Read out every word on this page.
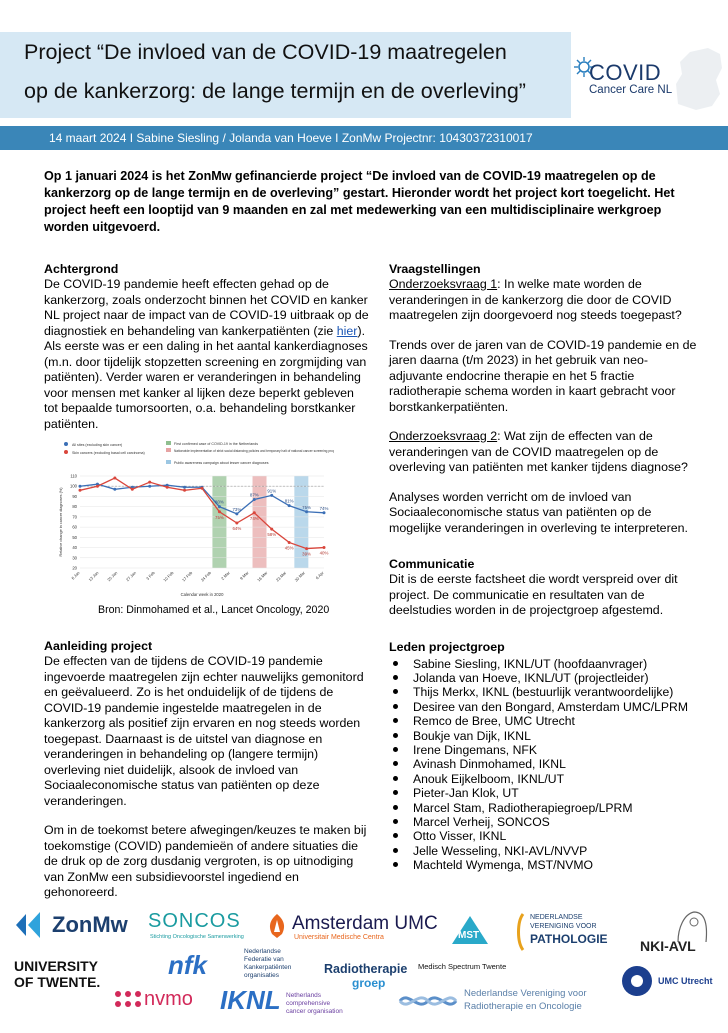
Project “De invloed van de COVID-19 maatregelen
op de kankerzorg: de lange termijn en de overleving”
COVID
Cancer Care NL
14 maart 2024 I Sabine Siesling / Jolanda van Hoeve I ZonMw Projectnr: 10430372310017
Op 1 januari 2024 is het ZonMw gefinancierde project “De invloed van de COVID-19 maatregelen op de kankerzorg op de lange termijn en de overleving” gestart. Hieronder wordt het project kort toegelicht. Het project heeft een looptijd van 9 maanden en zal met medewerking van een multidisciplinaire werkgroep worden uitgevoerd.
Achtergrond
De COVID-19 pandemie heeft effecten gehad op de kankerzorg, zoals onderzocht binnen het COVID en kanker NL project naar de impact van de COVID-19 uitbraak op de diagnostiek en behandeling van kankerpatiënten (zie hier). Als eerste was er een daling in het aantal kankerdiagnoses (m.n. door tijdelijk stopzetten screening en zorgmijding van patiënten). Verder waren er veranderingen in behandeling voor mensen met kanker al lijken deze beperkt gebleven tot bepaalde tumorsoorten, o.a. behandeling borstkanker patiënten.
All sites (excluding skin cancer)
Skin cancers (excluding basal cell carcinoma)
First confirmed case of COVID-19 in the Netherlands
Nationwide implementation of strict social distancing policies and temporary halt of national cancer screening programmes
Public awareness campaign about lesser cancer diagnoses
20
30
40
50
60
70
80
90
100
110
6 Jan 13 Jan 20 Jan 27 Jan 3 Feb 10 Feb 17 Feb 24 Feb 2 Mar 9 Mar 16 Mar 23 Mar 30 Mar 6 Apr
Relative change in cancer diagnoses (%)
Calendar week in 2020
80%
73%
87%
91%
81%
75% 74%
75%
64%
74%
58%
45%
39% 40%
Bron: Dinmohamed et al., Lancet Oncology, 2020
Aanleiding project
De effecten van de tijdens de COVID-19 pandemie ingevoerde maatregelen zijn echter nauwelijks gemonitord en geëvalueerd. Zo is het onduidelijk of de tijdens de COVID-19 pandemie ingestelde maatregelen in de kankerzorg als positief zijn ervaren en nog steeds worden toegepast. Daarnaast is de uitstel van diagnose en veranderingen in behandeling op (langere termijn) overleving niet duidelijk, alsook de invloed van Sociaaleconomische status van patiënten op deze veranderingen.
Om in de toekomst betere afwegingen/keuzes te maken bij toekomstige (COVID) pandemieën of andere situaties die de druk op de zorg dusdanig vergroten, is op uitnodiging van ZonMw een subsidievoorstel ingediend en gehonoreerd.
Vraagstellingen
Onderzoeksvraag 1: In welke mate worden de veranderingen in de kankerzorg die door de COVID maatregelen zijn doorgevoerd nog steeds toegepast?
Trends over de jaren van de COVID-19 pandemie en de jaren daarna (t/m 2023) in het gebruik van neo-adjuvante endocrine therapie en het 5 fractie radiotherapie schema worden in kaart gebracht voor borstkankerpatiënten.
Onderzoeksvraag 2: Wat zijn de effecten van de veranderingen van de COVID maatregelen op de overleving van patiënten met kanker tijdens diagnose?
Analyses worden verricht om de invloed van Sociaaleconomische status van patiënten op de mogelijke veranderingen in overleving te interpreteren.
Communicatie
Dit is de eerste factsheet die wordt verspreid over dit project. De communicatie en resultaten van de deelstudies worden in de projectgroep afgestemd.
Leden projectgroep
Sabine Siesling, IKNL/UT (hoofdaanvrager)
Jolanda van Hoeve, IKNL/UT (projectleider)
Thijs Merkx, IKNL (bestuurlijk verantwoordelijke)
Desiree van den Bongard, Amsterdam UMC/LPRM
Remco de Bree, UMC Utrecht
Boukje van Dijk, IKNL
Irene Dingemans, NFK
Avinash Dinmohamed, IKNL
Anouk Eijkelboom, IKNL/UT
Pieter-Jan Klok, UT
Marcel Stam, Radiotherapiegroep/LPRM
Marcel Verheij, SONCOS
Otto Visser, IKNL
Jelle Wesseling, NKI-AVL/NVVP
Machteld Wymenga, MST/NVMO
ZonMw SONCOS
Stichting Oncologische Samenwerking
Amsterdam UMC
Universitair Medische Centra	MST
NEDERLANDSE
VERENIGING VOOR
PATHOLOGIE NKI-AVL
UNIVERSITY
OF TWENTE.
nfk	Nederlandse
Federatie van
Kankerpatiënten
organisaties	Radiotherapie
groep
Medisch Spectrum Twente
UMC Utrecht
nvmo IKNL Netherlands
comprehensive
cancer organisation
Nederlandse Vereniging voor
Radiotherapie en Oncologie
